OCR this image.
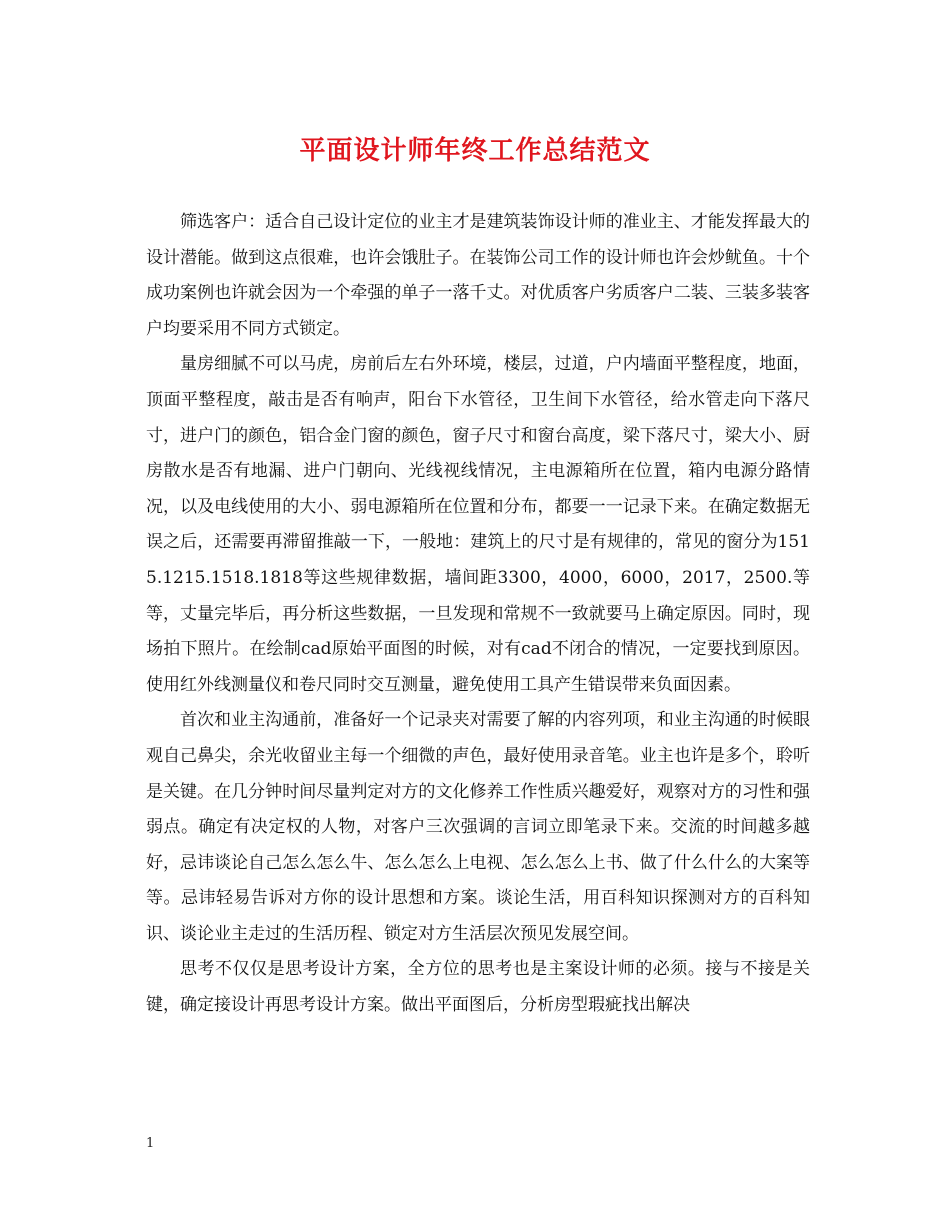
平面设计师年终工作总结范文

筛选客户：适合自己设计定位的业主才是建筑装饰设计师的准业主、才能发挥最大的设计潜能。做到这点很难，也许会饿肚子。在装饰公司工作的设计师也许会炒鱿鱼。十个成功案例也许就会因为一个牵强的单子一落千丈。对优质客户劣质客户二装、三装多装客户均要采用不同方式锁定。

量房细腻不可以马虎，房前后左右外环境，楼层，过道，户内墙面平整程度，地面，顶面平整程度，敲击是否有响声，阳台下水管径，卫生间下水管径，给水管走向下落尺寸，进户门的颜色，铝合金门窗的颜色，窗子尺寸和窗台高度，梁下落尺寸，梁大小、厨房散水是否有地漏、进户门朝向、光线视线情况，主电源箱所在位置，箱内电源分路情况，以及电线使用的大小、弱电源箱所在位置和分布，都要一一记录下来。在确定数据无误之后，还需要再滞留推敲一下，一般地：建筑上的尺寸是有规律的，常见的窗分为1515.1215.1518.1818等这些规律数据，墙间距3300，4000，6000，2017，2500.等等，丈量完毕后，再分析这些数据，一旦发现和常规不一致就要马上确定原因。同时，现场拍下照片。在绘制cad原始平面图的时候，对有cad不闭合的情况，一定要找到原因。使用红外线测量仪和卷尺同时交互测量，避免使用工具产生错误带来负面因素。

首次和业主沟通前，准备好一个记录夹对需要了解的内容列项，和业主沟通的时候眼观自己鼻尖，余光收留业主每一个细微的声色，最好使用录音笔。业主也许是多个，聆听是关键。在几分钟时间尽量判定对方的文化修养工作性质兴趣爱好，观察对方的习性和强弱点。确定有决定权的人物，对客户三次强调的言词立即笔录下来。交流的时间越多越好，忌讳谈论自己怎么怎么牛、怎么怎么上电视、怎么怎么上书、做了什么什么的大案等等。忌讳轻易告诉对方你的设计思想和方案。谈论生活，用百科知识探测对方的百科知识、谈论业主走过的生活历程、锁定对方生活层次预见发展空间。

思考不仅仅是思考设计方案，全方位的思考也是主案设计师的必须。接与不接是关键，确定接设计再思考设计方案。做出平面图后，分析房型瑕疵找出解决

1
